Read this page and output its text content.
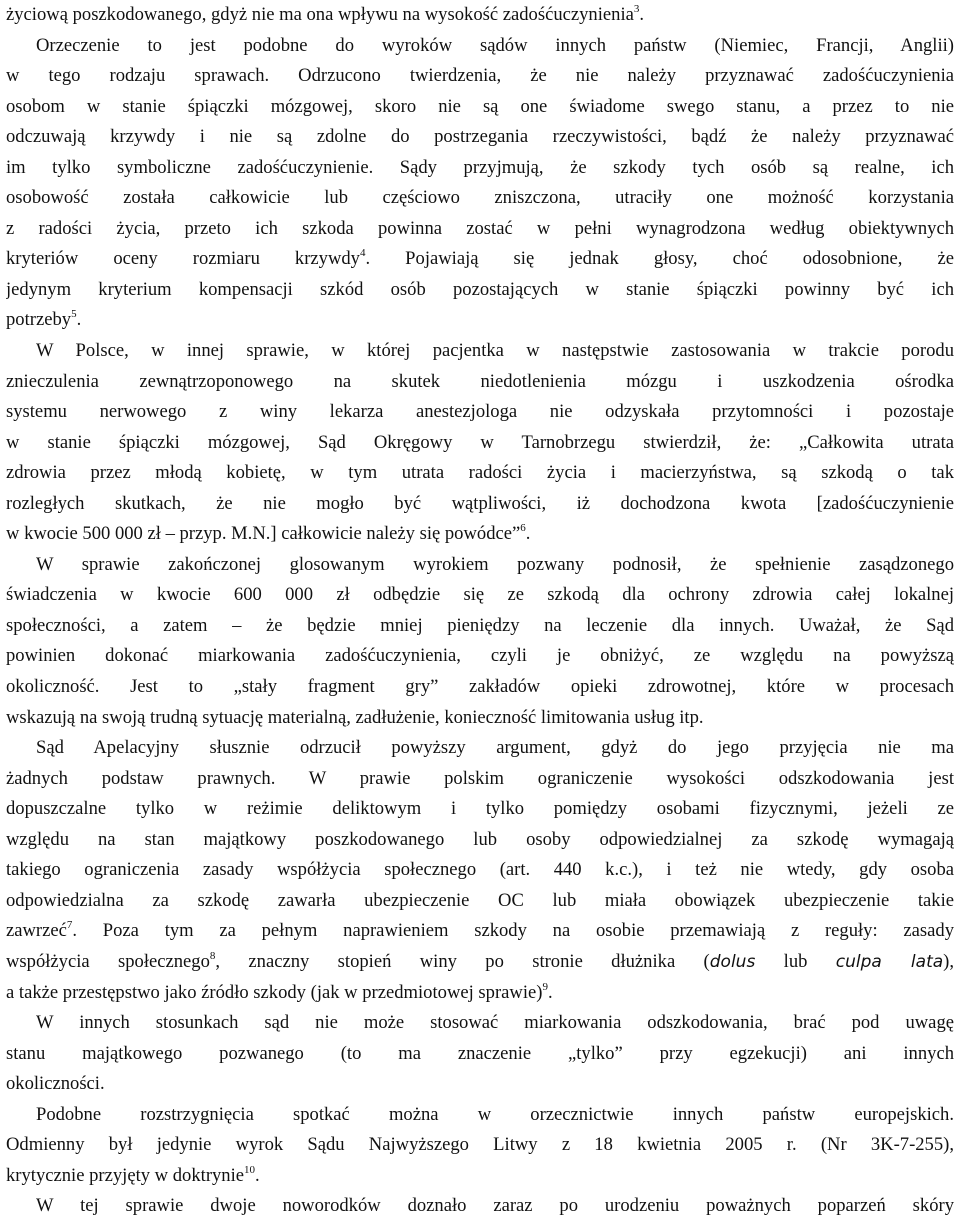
życiową poszkodowanego, gdyż nie ma ona wpływu na wysokość zadośćuczynienia$^3$.
Orzeczenie to jest podobne do wyroków sądów innych państw (Niemiec, Francji, Anglii)
w tego rodzaju sprawach. Odrzucono twierdzenia, że nie należy przyznawać zadośćuczynienia
osobom w stanie śpiączki mózgowej, skoro nie są one świadome swego stanu, a przez to nie
odczuwają krzywdy i nie są zdolne do postrzegania rzeczywistości, bądź że należy przyznawać
im tylko symboliczne zadośćuczynienie. Sądy przyjmują, że szkody tych osób są realne, ich
osobowość została całkowicie lub częściowo zniszczona, utraciły one możność korzystania
z radości życia, przeto ich szkoda powinna zostać w pełni wynagrodzona według obiektywnych
kryteriów oceny rozmiaru krzywdy$^4$. Pojawiają się jednak głosy, choć odosobnione, że
jedynym kryterium kompensacji szkód osób pozostających w stanie śpiączki powinny być ich
potrzeby$^5$.
W Polsce, w innej sprawie, w której pacjentka w następstwie zastosowania w trakcie porodu
znieczulenia zewnątrzoponowego na skutek niedotlenienia mózgu i uszkodzenia ośrodka
systemu nerwowego z winy lekarza anestezjologa nie odzyskała przytomności i pozostaje
w stanie śpiączki mózgowej, Sąd Okręgowy w Tarnobrzegu stwierdził, że: „Całkowita utrata
zdrowia przez młodą kobietę, w tym utrata radości życia i macierzyństwa, są szkodą o tak
rozległych skutkach, że nie mogło być wątpliwości, iż dochodzona kwota [zadośćuczynienie
w kwocie 500 000 zł – przyp. M.N.] całkowicie należy się powódce”$^6$.
W sprawie zakończonej glosowanym wyrokiem pozwany podnosił, że spełnienie zasądzonego
świadczenia w kwocie 600 000 zł odbędzie się ze szkodą dla ochrony zdrowia całej lokalnej
społeczności, a zatem – że będzie mniej pieniędzy na leczenie dla innych. Uważał, że Sąd
powinien dokonać miarkowania zadośćuczynienia, czyli je obniżyć, ze względu na powyższą
okoliczność. Jest to „stały fragment gry” zakładów opieki zdrowotnej, które w procesach
wskazują na swoją trudną sytuację materialną, zadłużenie, konieczność limitowania usług itp.
Sąd Apelacyjny słusznie odrzucił powyższy argument, gdyż do jego przyjęcia nie ma
żadnych podstaw prawnych. W prawie polskim ograniczenie wysokości odszkodowania jest
dopuszczalne tylko w reżimie deliktowym i tylko pomiędzy osobami fizycznymi, jeżeli ze
względu na stan majątkowy poszkodowanego lub osoby odpowiedzialnej za szkodę wymagają
takiego ograniczenia zasady współżycia społecznego (art. 440 k.c.), i też nie wtedy, gdy osoba
odpowiedzialna za szkodę zawarła ubezpieczenie OC lub miała obowiązek ubezpieczenie takie
zawrzeć$^7$. Poza tym za pełnym naprawieniem szkody na osobie przemawiają z reguły: zasady
współżycia społecznego$^8$, znaczny stopień winy po stronie dłużnika (dolus lub culpa lata),
a także przestępstwo jako źródło szkody (jak w przedmiotowej sprawie)$^9$.
W innych stosunkach sąd nie może stosować miarkowania odszkodowania, brać pod uwagę
stanu majątkowego pozwanego (to ma znaczenie „tylko” przy egzekucji) ani innych
okoliczności.
Podobne rozstrzygnięcia spotkać można w orzecznictwie innych państw europejskich.
Odmienny był jedynie wyrok Sądu Najwyższego Litwy z 18 kwietnia 2005 r. (Nr 3K-7-255),
krytycznie przyjęty w doktrynie$^{10}$.
W tej sprawie dwoje noworodków doznało zaraz po urodzeniu poważnych poparzeń skóry
